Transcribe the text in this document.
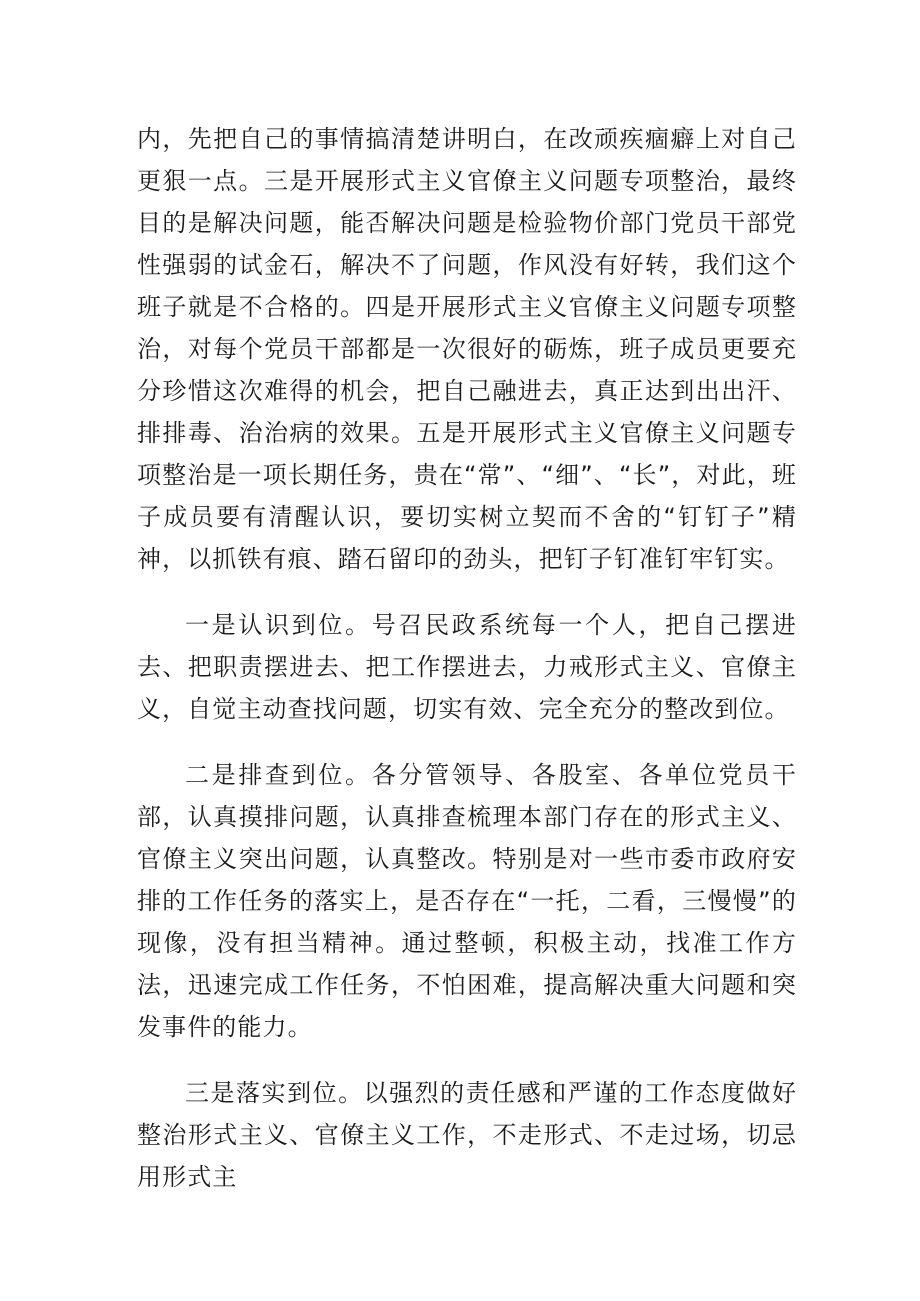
内，先把自己的事情搞清楚讲明白，在改顽疾痼癖上对自己更狠一点。三是开展形式主义官僚主义问题专项整治，最终目的是解决问题，能否解决问题是检验物价部门党员干部党性强弱的试金石，解决不了问题，作风没有好转，我们这个班子就是不合格的。四是开展形式主义官僚主义问题专项整治，对每个党员干部都是一次很好的砺炼，班子成员更要充分珍惜这次难得的机会，把自己融进去，真正达到出出汗、排排毒、治治病的效果。五是开展形式主义官僚主义问题专项整治是一项长期任务，贵在“常”、“细”、“长”，对此，班子成员要有清醒认识，要切实树立契而不舍的“钉钉子”精神，以抓铁有痕、踏石留印的劲头，把钉子钉准钉牢钉实。

一是认识到位。号召民政系统每一个人，把自己摆进去、把职责摆进去、把工作摆进去，力戒形式主义、官僚主义，自觉主动查找问题，切实有效、完全充分的整改到位。

二是排查到位。各分管领导、各股室、各单位党员干部，认真摸排问题，认真排查梳理本部门存在的形式主义、官僚主义突出问题，认真整改。特别是对一些市委市政府安排的工作任务的落实上，是否存在“一托，二看，三慢慢”的现像，没有担当精神。通过整顿，积极主动，找准工作方法，迅速完成工作任务，不怕困难，提高解决重大问题和突发事件的能力。

三是落实到位。以强烈的责任感和严谨的工作态度做好整治形式主义、官僚主义工作，不走形式、不走过场，切忌用形式主
